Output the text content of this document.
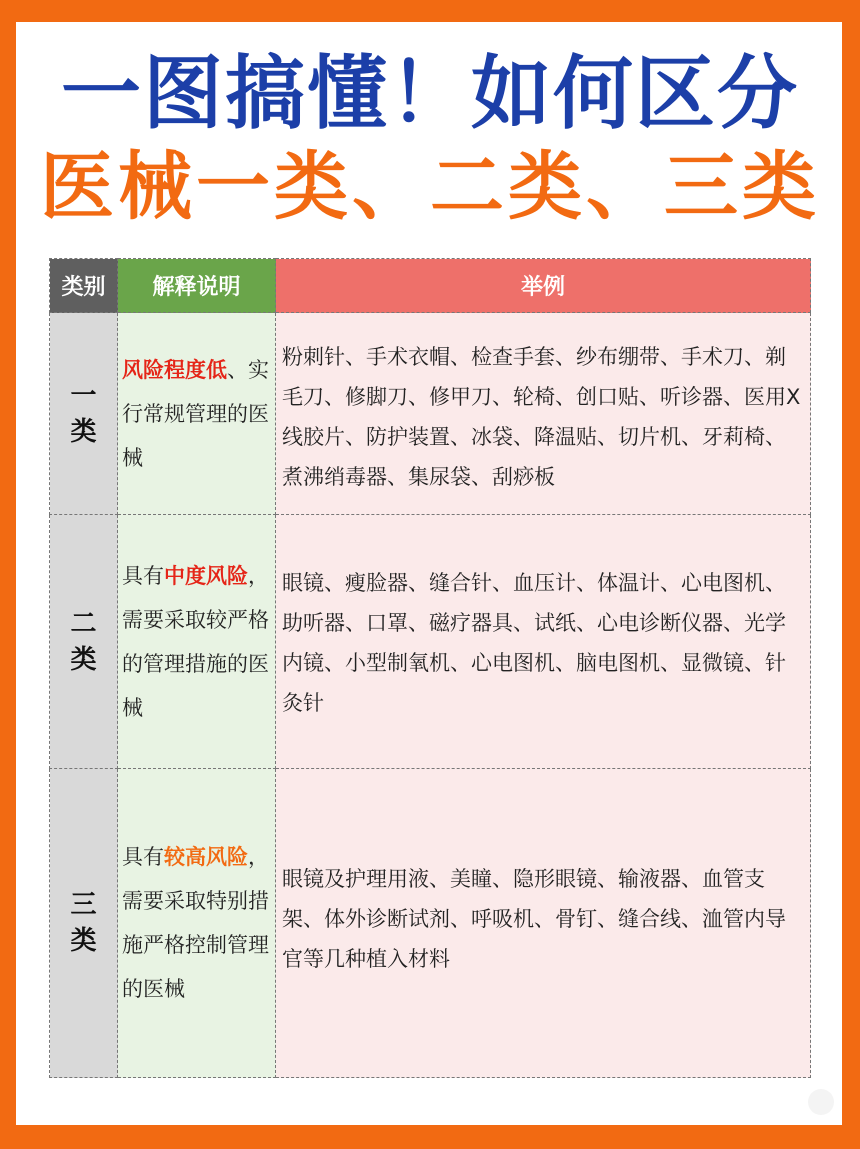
一图搞懂！如何区分
医械一类、二类、三类
类别	解释说明	举例
一类	风险程度低、实行常规管理的医械	粉刺针、手术衣帽、检查手套、纱布绷带、手术刀、剃毛刀、修脚刀、修甲刀、轮椅、创口贴、听诊器、医用X线胶片、防护装置、冰袋、降温贴、切片机、牙莉椅、煮沸绡毒器、集尿袋、刮痧板

二类	具有中度风险，需要采取较严格的管理措施的医械	眼镜、瘦脸器、缝合针、血压计、体温计、心电图机、助听器、口罩、磁疗器具、试纸、心电诊断仪器、光学内镜、小型制氧机、心电图机、脑电图机、显微镜、针灸针

三类	具有较高风险，需要采取特别措施严格控制管理的医械	眼镜及护理用液、美瞳、隐形眼镜、输液器、血管支架、体外诊断试剂、呼吸机、骨钉、缝合线、洫管内导官等几种植入材料
